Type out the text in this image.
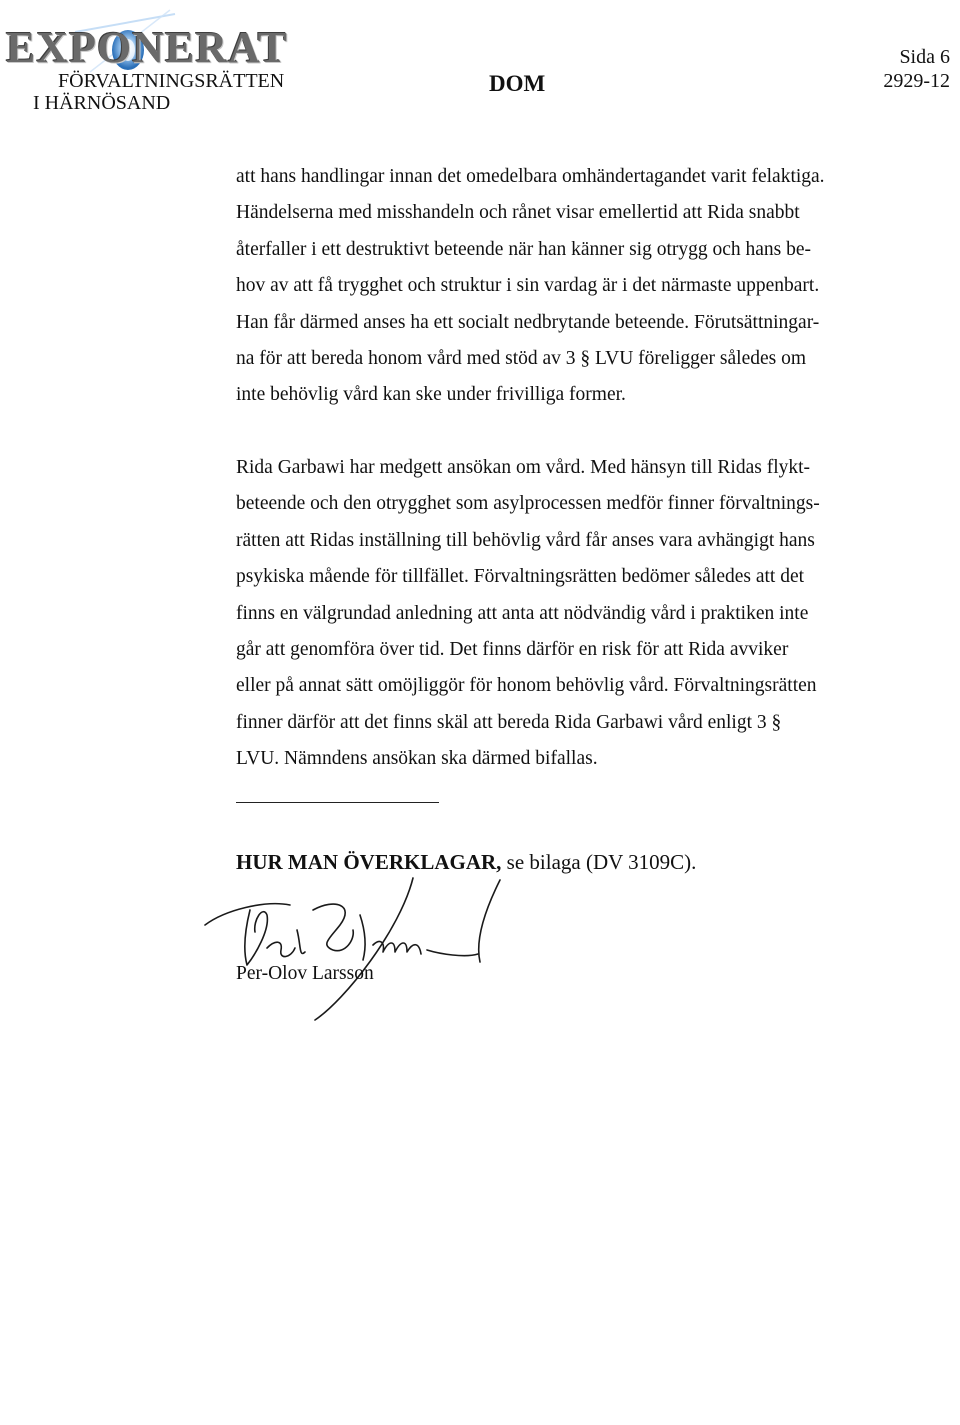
EXPONERAT
FÖRVALTNINGSRÄTTEN
I HÄRNÖSAND
DOM
Sida 6
2929-12

att hans handlingar innan det omedelbara omhändertagandet varit felaktiga.
Händelserna med misshandeln och rånet visar emellertid att Rida snabbt
återfaller i ett destruktivt beteende när han känner sig otrygg och hans be-
hov av att få trygghet och struktur i sin vardag är i det närmaste uppenbart.
Han får därmed anses ha ett socialt nedbrytande beteende. Förutsättningar-
na för att bereda honom vård med stöd av 3 § LVU föreligger således om
inte behövlig vård kan ske under frivilliga former.

Rida Garbawi har medgett ansökan om vård. Med hänsyn till Ridas flykt-
beteende och den otrygghet som asylprocessen medför finner förvaltnings-
rätten att Ridas inställning till behövlig vård får anses vara avhängigt hans
psykiska mående för tillfället. Förvaltningsrätten bedömer således att det
finns en välgrundad anledning att anta att nödvändig vård i praktiken inte
går att genomföra över tid. Det finns därför en risk för att Rida avviker
eller på annat sätt omöjliggör för honom behövlig vård. Förvaltningsrätten
finner därför att det finns skäl att bereda Rida Garbawi vård enligt 3 §
LVU. Nämndens ansökan ska därmed bifallas.

HUR MAN ÖVERKLAGAR, se bilaga (DV 3109C).
Per-Olov Larsson
